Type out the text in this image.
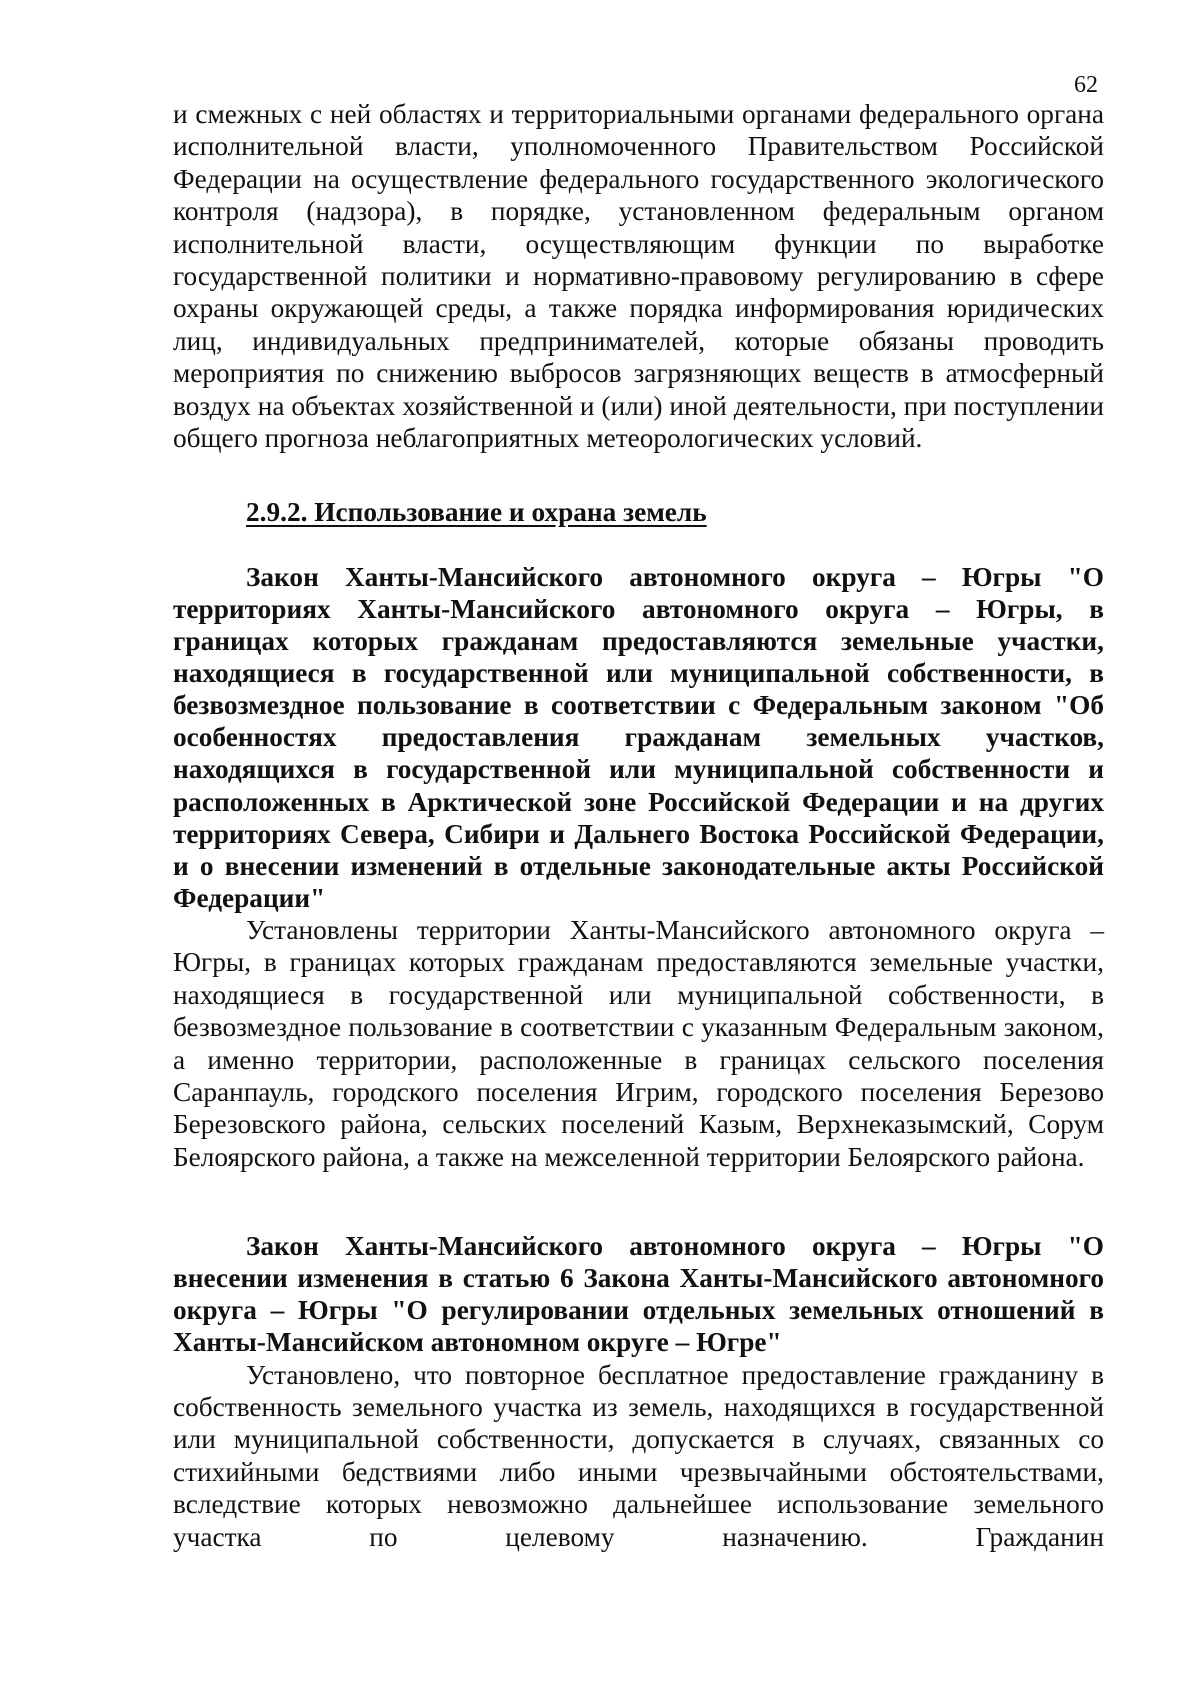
62

и смежных с ней областях и территориальными органами федерального органа исполнительной власти, уполномоченного Правительством Российской Федерации на осуществление федерального государственного экологического контроля (надзора), в порядке, установленном федеральным органом исполнительной власти, осуществляющим функции по выработке государственной политики и нормативно-правовому регулированию в сфере охраны окружающей среды, а также порядка информирования юридических лиц, индивидуальных предпринимателей, которые обязаны проводить мероприятия по снижению выбросов загрязняющих веществ в атмосферный воздух на объектах хозяйственной и (или) иной деятельности, при поступлении общего прогноза неблагоприятных метеорологических условий.

2.9.2. Использование и охрана земель

Закон Ханты-Мансийского автономного округа – Югры "О территориях Ханты-Мансийского автономного округа – Югры, в границах которых гражданам предоставляются земельные участки, находящиеся в государственной или муниципальной собственности, в безвозмездное пользование в соответствии с Федеральным законом "Об особенностях предоставления гражданам земельных участков, находящихся в государственной или муниципальной собственности и расположенных в Арктической зоне Российской Федерации и на других территориях Севера, Сибири и Дальнего Востока Российской Федерации, и о внесении изменений в отдельные законодательные акты Российской Федерации"

Установлены территории Ханты-Мансийского автономного округа – Югры, в границах которых гражданам предоставляются земельные участки, находящиеся в государственной или муниципальной собственности, в безвозмездное пользование в соответствии с указанным Федеральным законом, а именно территории, расположенные в границах сельского поселения Саранпауль, городского поселения Игрим, городского поселения Березово Березовского района, сельских поселений Казым, Верхнеказымский, Сорум Белоярского района, а также на межселенной территории Белоярского района.

Закон Ханты-Мансийского автономного округа – Югры "О внесении изменения в статью 6 Закона Ханты-Мансийского автономного округа – Югры "О регулировании отдельных земельных отношений в Ханты-Мансийском автономном округе – Югре"

Установлено, что повторное бесплатное предоставление гражданину в собственность земельного участка из земель, находящихся в государственной или муниципальной собственности, допускается в случаях, связанных со стихийными бедствиями либо иными чрезвычайными обстоятельствами, вследствие которых невозможно дальнейшее использование земельного участка по целевому назначению. Гражданин
